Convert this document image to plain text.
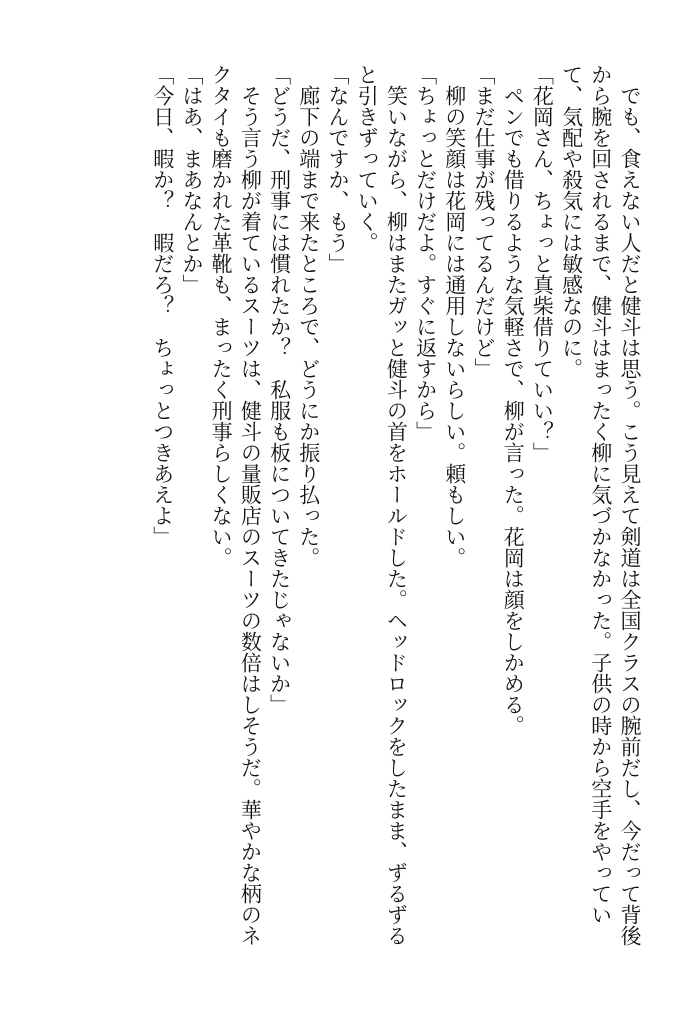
　でも、食えない人だと健斗は思う。こう見えて剣道は全国クラスの腕前だし、今だって背後

から腕を回されるまで、健斗はまったく柳に気づかなかった。子供の時から空手をやってい

て、気配や殺気には敏感なのに。

「花岡さん、ちょっと真柴借りていい？」

　ペンでも借りるような気軽さで、柳が言った。花岡は顔をしかめる。

「まだ仕事が残ってるんだけど」

　柳の笑顔は花岡には通用しないらしい。頼もしい。

「ちょっとだけだよ。すぐに返すから」

　笑いながら、柳はまたガッと健斗の首をホールドした。ヘッドロックをしたまま、ずるずる

と引きずっていく。

「なんですか、もう」

　廊下の端まで来たところで、どうにか振り払った。

「どうだ、刑事には慣れたか？　私服も板についてきたじゃないか」

　そう言う柳が着ているスーツは、健斗の量販店のスーツの数倍はしそうだ。華やかな柄のネ

クタイも磨かれた革靴も、まったく刑事らしくない。

「はあ、まあなんとか」

「今日、暇か？　暇だろ？　ちょっとつきあえよ」
